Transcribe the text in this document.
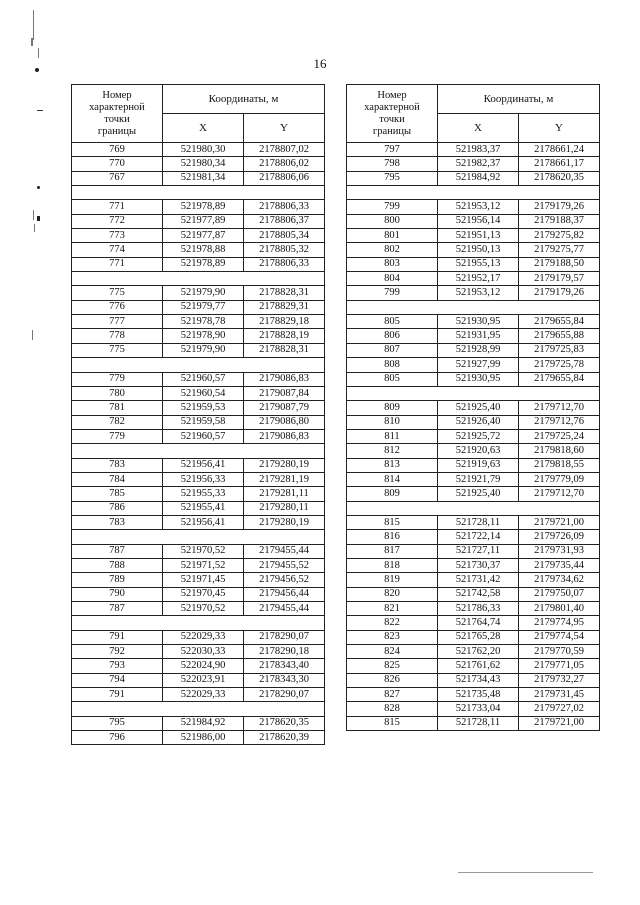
16
Номер
характерной
точки
границы	Координаты, м	
	X	Y
769	521980,30	2178807,02
770	521980,34	2178806,02
767	521981,34	2178806,06

771	521978,89	2178806,33
772	521977,89	2178806,37
773	521977,87	2178805,34
774	521978,88	2178805,32
771	521978,89	2178806,33

775	521979,90	2178828,31
776	521979,77	2178829,31
777	521978,78	2178829,18
778	521978,90	2178828,19
775	521979,90	2178828,31

779	521960,57	2179086,83
780	521960,54	2179087,84
781	521959,53	2179087,79
782	521959,58	2179086,80
779	521960,57	2179086,83

783	521956,41	2179280,19
784	521956,33	2179281,19
785	521955,33	2179281,11
786	521955,41	2179280,11
783	521956,41	2179280,19

787	521970,52	2179455,44
788	521971,52	2179455,52
789	521971,45	2179456,52
790	521970,45	2179456,44
787	521970,52	2179455,44

791	522029,33	2178290,07
792	522030,33	2178290,18
793	522024,90	2178343,40
794	522023,91	2178343,30
791	522029,33	2178290,07

795	521984,92	2178620,35
796	521986,00	2178620,39
Номер
характерной
точки
границы	Координаты, м	
	X	Y
797	521983,37	2178661,24
798	521982,37	2178661,17
795	521984,92	2178620,35

799	521953,12	2179179,26
800	521956,14	2179188,37
801	521951,13	2179275,82
802	521950,13	2179275,77
803	521955,13	2179188,50
804	521952,17	2179179,57
799	521953,12	2179179,26

805	521930,95	2179655,84
806	521931,95	2179655,88
807	521928,99	2179725,83
808	521927,99	2179725,78
805	521930,95	2179655,84

809	521925,40	2179712,70
810	521926,40	2179712,76
811	521925,72	2179725,24
812	521920,63	2179818,60
813	521919,63	2179818,55
814	521921,79	2179779,09
809	521925,40	2179712,70

815	521728,11	2179721,00
816	521722,14	2179726,09
817	521727,11	2179731,93
818	521730,37	2179735,44
819	521731,42	2179734,62
820	521742,58	2179750,07
821	521786,33	2179801,40
822	521764,74	2179774,95
823	521765,28	2179774,54
824	521762,20	2179770,59
825	521761,62	2179771,05
826	521734,43	2179732,27
827	521735,48	2179731,45
828	521733,04	2179727,02
815	521728,11	2179721,00
